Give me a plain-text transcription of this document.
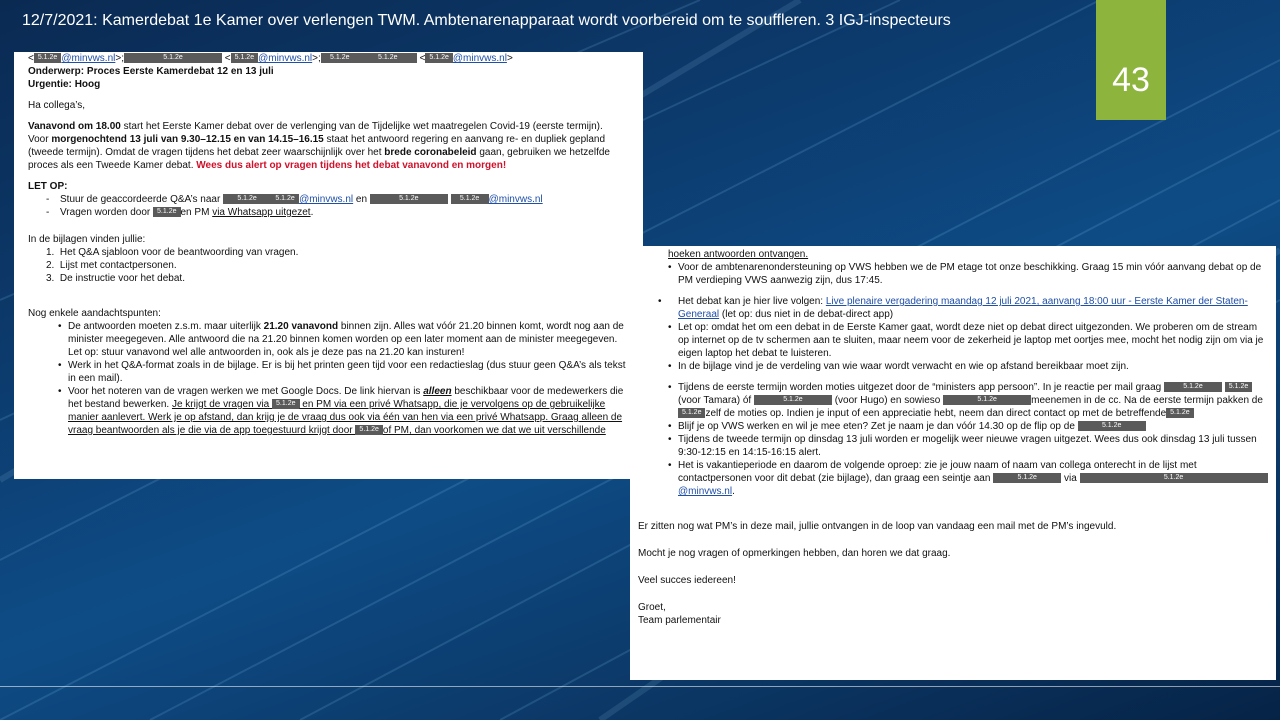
12/7/2021: Kamerdebat 1e Kamer over verlengen TWM. Ambtenarenapparaat wordt voorbereid om te souffleren. 3 IGJ-inspecteurs
43

< 5.1.2e @minvws.nl>;	5.1.2e	< 5.1.2e @minvws.nl>; 5.1.2e	5.1.2e < 5.1.2e @minvws.nl>

Onderwerp: Proces Eerste Kamerdebat 12 en 13 juli

Urgentie: Hoog

Ha collega’s,

Vanavond om 18.00 start het Eerste Kamer debat over de verlenging van de Tijdelijke wet maatregelen Covid-19 (eerste termijn). Voor morgenochtend 13 juli van 9.30–12.15 en van 14.15–16.15 staat het antwoord regering en aanvang re- en dupliek gepland (tweede termijn). Omdat de vragen tijdens het debat zeer waarschijnlijk over het brede coronabeleid gaan, gebruiken we hetzelfde proces als een Tweede Kamer debat. Wees dus alert op vragen tijdens het debat vanavond en morgen!

LET OP:

- Stuur de geaccordeerde Q&A’s naar 5.1.2e	5.1.2e @minvws.nl en	5.1.2e	5.1.2e @minvws.nl

- Vragen worden door 5.1.2e en PM via Whatsapp uitgezet.

In de bijlagen vinden jullie:

1.  Het Q&A sjabloon voor de beantwoording van vragen.

2.  Lijst met contactpersonen.

3.  De instructie voor het debat.

Nog enkele aandachtspunten:

• De antwoorden moeten z.s.m. maar uiterlijk 21.20 vanavond binnen zijn. Alles wat vóór 21.20 binnen komt, wordt nog aan de minister meegegeven. Alle antwoord die na 21.20 binnen komen worden op een later moment aan de minister meegegeven. Let op: stuur vanavond wel alle antwoorden in, ook als je deze pas na 21.20 kan insturen!

• Werk in het Q&A-format zoals in de bijlage. Er is bij het printen geen tijd voor een redactieslag (dus stuur geen Q&A’s als tekst in een mail).

• Voor het noteren van de vragen werken we met Google Docs. De link hiervan is alleen beschikbaar voor de medewerkers die het bestand bewerken. Je krijgt de vragen via 5.1.2e en PM via een privé Whatsapp, die je vervolgens op de gebruikelijke manier aanlevert. Werk je op afstand, dan krijg je de vraag dus ook via één van hen via een privé Whatsapp. Graag alleen de vraag beantwoorden als je die via de app toegestuurd krijgt door 5.1.2e of PM, dan voorkomen we dat we uit verschillende

hoeken antwoorden ontvangen.

• Voor de ambtenarenondersteuning op VWS hebben we de PM etage tot onze beschikking. Graag 15 min vóór aanvang debat op de PM verdieping VWS aanwezig zijn, dus 17:45.

• Het debat kan je hier live volgen: Live plenaire vergadering maandag 12 juli 2021, aanvang 18:00 uur - Eerste Kamer der Staten-Generaal (let op: dus niet in de debat-direct app)

• Let op: omdat het om een debat in de Eerste Kamer gaat, wordt deze niet op debat direct uitgezonden. We proberen om de stream op internet op de tv schermen aan te sluiten, maar neem voor de zekerheid je laptop met oortjes mee, mocht het nodig zijn om via je eigen laptop het debat te luisteren.

• In de bijlage vind je de verdeling van wie waar wordt verwacht en wie op afstand bereikbaar moet zijn.

• Tijdens de eerste termijn worden moties uitgezet door de “ministers app persoon”. In je reactie per mail graag	5.1.2e	5.1.2e(voor Tamara) óf	5.1.2e	(voor Hugo) en sowieso	5.1.2e	meenemen in de cc. Na de eerste termijn pakken de5.1.2e zelf de moties op. Indien je input of een appreciatie hebt, neem dan direct contact op met de betreffende 5.1.2e

• Blijf je op VWS werken en wil je mee eten? Zet je naam je dan vóór 14.30 op de flip op de	5.1.2e

• Tijdens de tweede termijn op dinsdag 13 juli worden er mogelijk weer nieuwe vragen uitgezet. Wees dus ook dinsdag 13 juli tussen 9:30-12:15 en 14:15-16:15 alert.

• Het is vakantieperiode en daarom de volgende oproep: zie je jouw naam of naam van collega onterecht in de lijst met contactpersonen voor dit debat (zie bijlage), dan graag een seintje aan	5.1.2e via	5.1.2e@minvws.nl.

Er zitten nog wat PM’s in deze mail, jullie ontvangen in de loop van vandaag een mail met de PM’s ingevuld.

Mocht je nog vragen of opmerkingen hebben, dan horen we dat graag.

Veel succes iedereen!

Groet,

Team parlementair
